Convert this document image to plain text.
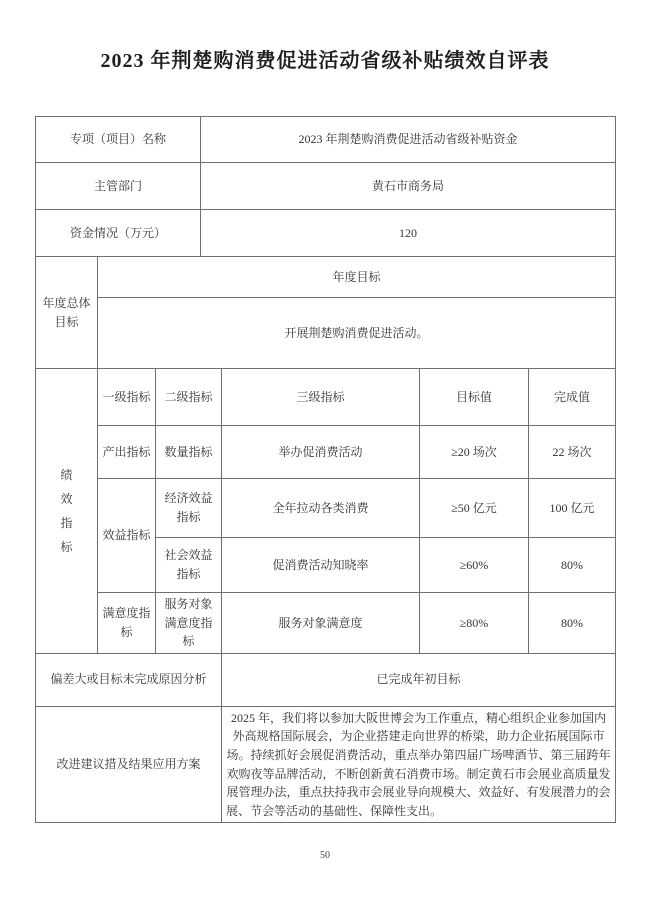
2023 年荆楚购消费促进活动省级补贴绩效自评表
专项（项目）名称			2023 年荆楚购消费促进活动省级补贴资金			
主管部门			黄石市商务局			
资金情况（万元）			120			
年度总体目标	年度目标					
	开展荆楚购消费促进活动。					
绩效指标	一级指标	二级指标		三级指标	目标值	完成值
	产出指标	数量指标		举办促消费活动	≥20 场次	22 场次
	效益指标	经济效益指标		全年拉动各类消费	≥50 亿元	100 亿元
		社会效益指标		促消费活动知晓率	≥60%	80%
	满意度指标	服务对象满意度指标		服务对象满意度	≥80%	80%
偏差大或目标未完成原因分析				已完成年初目标		
改进建议措及结果应用方案				2025 年，我们将以参加大阪世博会为工作重点，精心组织企业参加国内外高规格国际展会，为企业搭建走向世界的桥梁，助力企业拓展国际市场。持续抓好会展促消费活动，重点举办第四届广场啤酒节、第三届跨年欢购夜等品牌活动，不断创新黄石消费市场。制定黄石市会展业高质量发展管理办法，重点扶持我市会展业导向规模大、效益好、有发展潜力的会展、节会等活动的基础性、保障性支出。		
50
